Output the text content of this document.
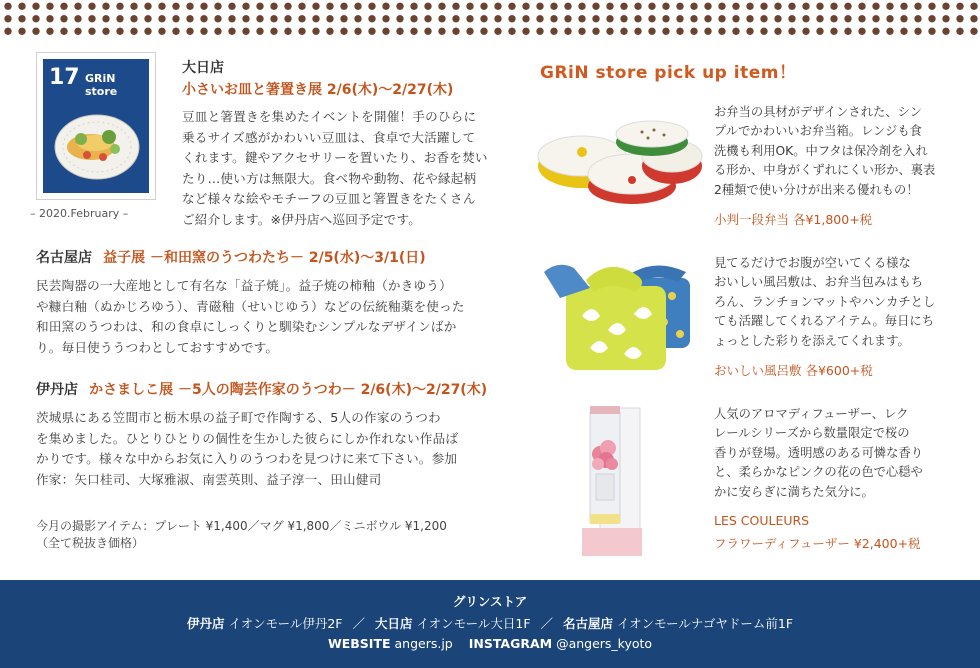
17 GRiN store
– 2020.February –
大日店
小さいお皿と箸置き展 2/6(木)～2/27(木)
豆皿と箸置きを集めたイベントを開催！手のひらに
乗るサイズ感がかわいい豆皿は、食卓で大活躍して
くれます。鍵やアクセサリーを置いたり、お香を焚い
たり…使い方は無限大。食べ物や動物、花や縁起柄
など様々な絵やモチーフの豆皿と箸置きをたくさん
ご紹介します。※伊丹店へ巡回予定です。
名古屋店 益子展 －和田窯のうつわたち－ 2/5(水)～3/1(日)
民芸陶器の一大産地として有名な「益子焼」。益子焼の柿釉（かきゆう）
や糠白釉（ぬかじろゆう）、青磁釉（せいじゆう）などの伝統釉薬を使った
和田窯のうつわは、和の食卓にしっくりと馴染むシンプルなデザインばか
り。毎日使ううつわとしておすすめです。
伊丹店 かさましこ展 －5人の陶芸作家のうつわ－ 2/6(木)～2/27(木)
茨城県にある笠間市と栃木県の益子町で作陶する、5人の作家のうつわ
を集めました。ひとりひとりの個性を生かした彼らにしか作れない作品ば
かりです。様々な中からお気に入りのうつわを見つけに来て下さい。参加
作家：矢口桂司、大塚雅淑、南雲英則、益子淳一、田山健司
今月の撮影アイテム：プレート ¥1,400／マグ ¥1,800／ミニボウル ¥1,200
（全て税抜き価格）
GRiN store pick up item！
お弁当の具材がデザインされた、シン
プルでかわいいお弁当箱。レンジも食
洗機も利用OK。中フタは保冷剤を入れ
る形か、中身がくずれにくい形か、裏表
2種類で使い分けが出来る優れもの！
小判一段弁当 各¥1,800+税
見てるだけでお腹が空いてくる様な
おいしい風呂敷は、お弁当包みはもち
ろん、ランチョンマットやハンカチとし
ても活躍してくれるアイテム。毎日にち
ょっとした彩りを添えてくれます。
おいしい風呂敷 各¥600+税
人気のアロマディフューザー、レク
レールシリーズから数量限定で桜の
香りが登場。透明感のある可憐な香り
と、柔らかなピンクの花の色で心穏や
かに安らぎに満ちた気分に。
LES COULEURS
フラワーディフューザー ¥2,400+税
グリンストア
伊丹店 イオンモール伊丹2F ／ 大日店 イオンモール大日1F ／ 名古屋店 イオンモールナゴヤドーム前1F
WEBSITE angers.jp INSTAGRAM @angers_kyoto
